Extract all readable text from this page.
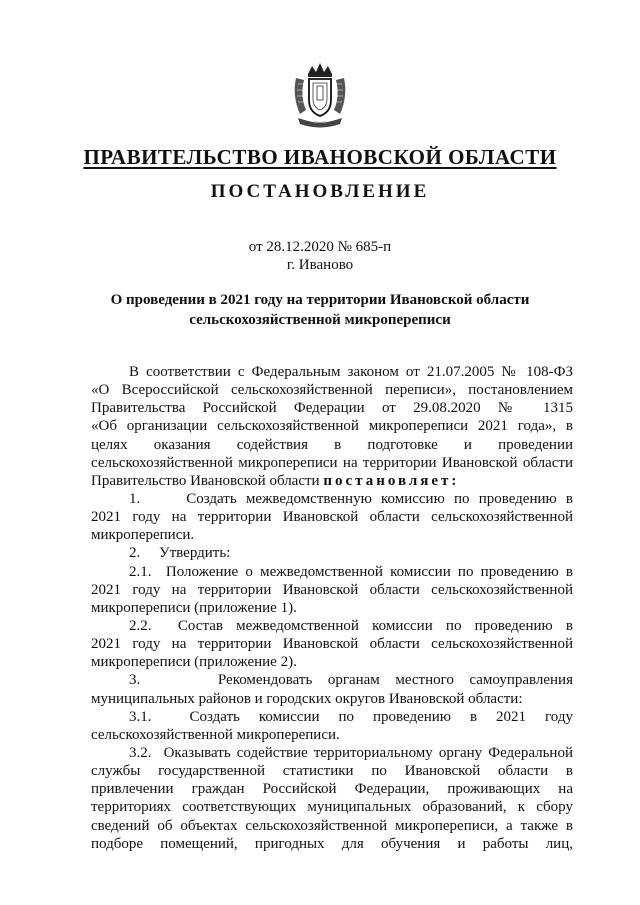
ПРАВИТЕЛЬСТВО ИВАНОВСКОЙ ОБЛАСТИ
ПОСТАНОВЛЕНИЕ
от 28.12.2020 № 685-п
г. Иваново
О проведении в 2021 году на территории Ивановской области
сельскохозяйственной микропереписи
В соответствии с Федеральным законом от 21.07.2005 № 108-ФЗ
«О Всероссийской сельскохозяйственной переписи», постановлением
Правительства Российской Федерации от 29.08.2020 № 1315
«Об организации сельскохозяйственной микропереписи 2021 года», в
целях оказания содействия в подготовке и проведении
сельскохозяйственной микропереписи на территории Ивановской области
Правительство Ивановской области постановляет:
1.     Создать межведомственную комиссию по проведению в
2021 году на территории Ивановской области сельскохозяйственной
микропереписи.
2.     Утвердить:
2.1.  Положение о межведомственной комиссии по проведению в
2021 году на территории Ивановской области сельскохозяйственной
микропереписи (приложение 1).
2.2.  Состав межведомственной комиссии по проведению в
2021 году на территории Ивановской области сельскохозяйственной
микропереписи (приложение 2).
3.     Рекомендовать органам местного самоуправления
муниципальных районов и городских округов Ивановской области:
3.1.  Создать комиссии по проведению в 2021 году
сельскохозяйственной микропереписи.
3.2.  Оказывать содействие территориальному органу Федеральной
службы государственной статистики по Ивановской области в
привлечении граждан Российской Федерации, проживающих на
территориях соответствующих муниципальных образований, к сбору
сведений об объектах сельскохозяйственной микропереписи, а также в
подборе помещений, пригодных для обучения и работы лиц,
